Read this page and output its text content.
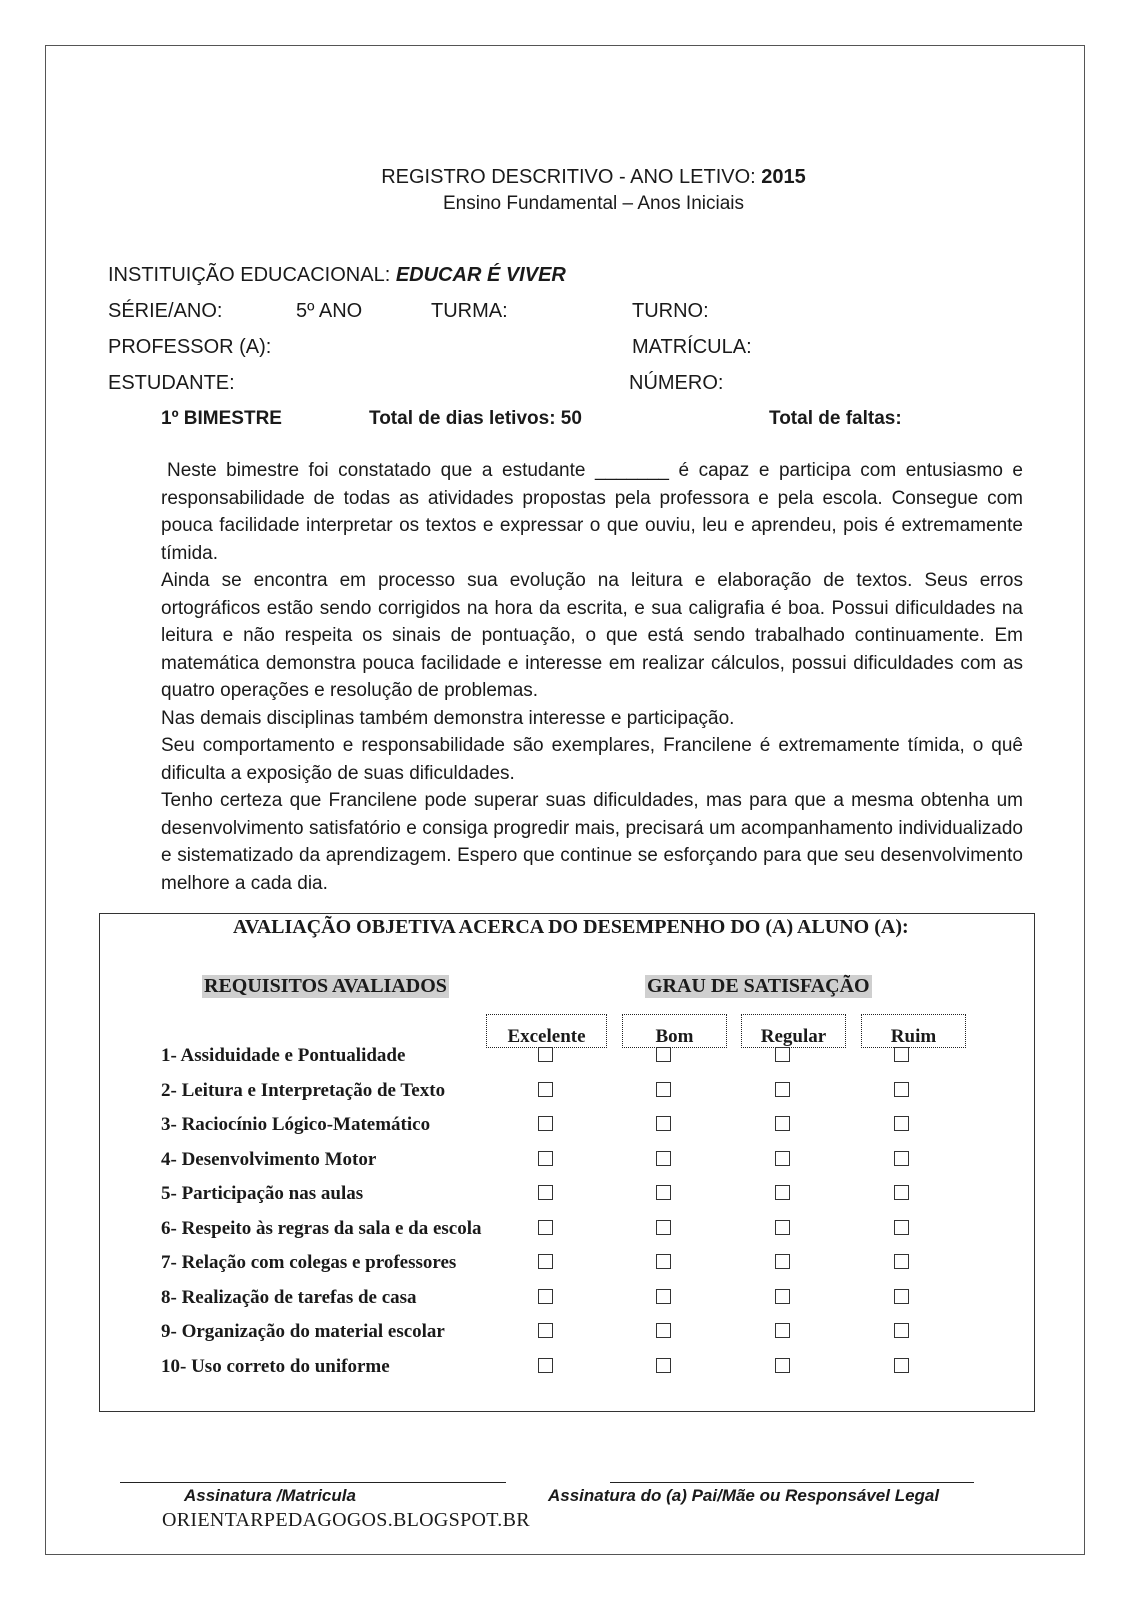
REGISTRO DESCRITIVO - ANO LETIVO: 2015
Ensino Fundamental – Anos Iniciais
INSTITUIÇÃO EDUCACIONAL: EDUCAR É VIVER
SÉRIE/ANO:	5º ANO	TURMA:	TURNO:
PROFESSOR (A):	MATRÍCULA:
ESTUDANTE:	NÚMERO:
1º BIMESTRE	Total de dias letivos: 50	Total de faltas:

Neste bimestre foi constatado que a estudante _______ é capaz e participa com entusiasmo e responsabilidade de todas as atividades propostas pela professora e pela escola. Consegue com pouca facilidade interpretar os textos e expressar o que ouviu, leu e aprendeu, pois é extremamente tímida.

Ainda se encontra em processo sua evolução na leitura e elaboração de textos. Seus erros ortográficos estão sendo corrigidos na hora da escrita, e sua caligrafia é boa. Possui dificuldades na leitura e não respeita os sinais de pontuação, o que está sendo trabalhado continuamente. Em matemática demonstra pouca facilidade e interesse em realizar cálculos, possui dificuldades com as quatro operações e resolução de problemas.

Nas demais disciplinas também demonstra interesse e participação.

Seu comportamento e responsabilidade são exemplares, Francilene é extremamente tímida, o quê dificulta a exposição de suas dificuldades.

Tenho certeza que Francilene pode superar suas dificuldades, mas para que a mesma obtenha um desenvolvimento satisfatório e consiga progredir mais, precisará um acompanhamento individualizado e sistematizado da aprendizagem. Espero que continue se esforçando para que seu desenvolvimento melhore a cada dia.

AVALIAÇÃO OBJETIVA ACERCA DO DESEMPENHO DO (A) ALUNO (A):
REQUISITOS AVALIADOS	GRAU DE SATISFAÇÃO
Excelente	Bom	Regular	Ruim
1- Assiduidade e Pontualidade
2- Leitura e Interpretação de Texto
3- Raciocínio Lógico-Matemático
4- Desenvolvimento Motor
5- Participação nas aulas
6- Respeito às regras da sala e da escola
7- Relação com colegas e professores
8- Realização de tarefas de casa
9- Organização do material escolar
10- Uso correto do uniforme
Assinatura /Matricula	Assinatura do (a) Pai/Mãe ou Responsável Legal
ORIENTARPEDAGOGOS.BLOGSPOT.BR
